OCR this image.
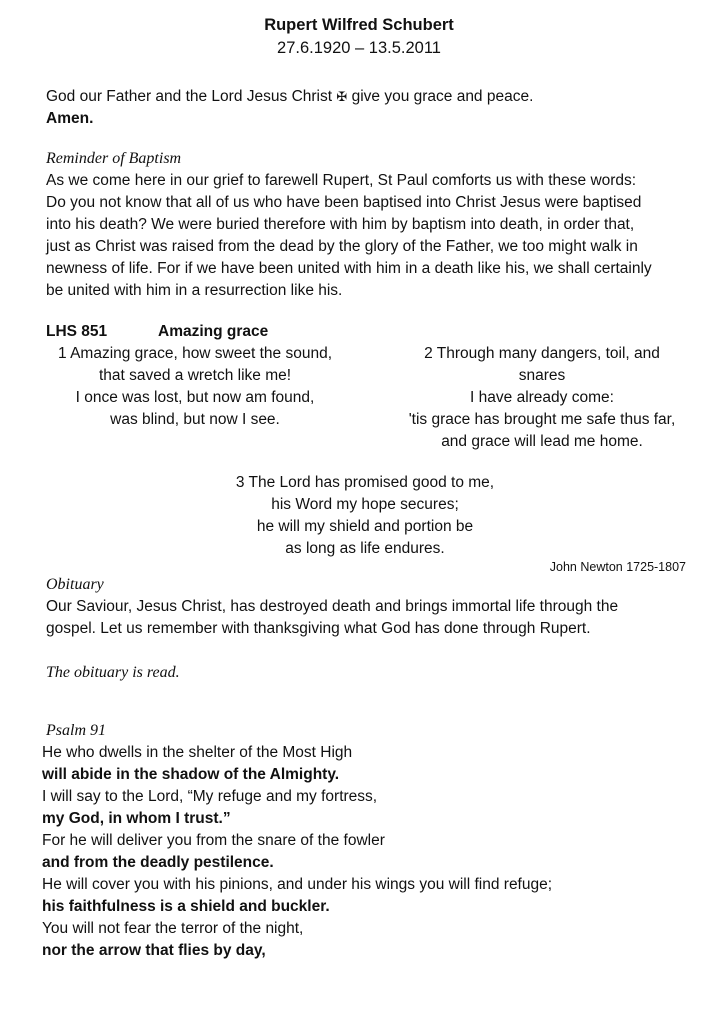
Rupert Wilfred Schubert
27.6.1920 – 13.5.2011
God our Father and the Lord Jesus Christ ✠ give you grace and peace.
Amen.
Reminder of Baptism
As we come here in our grief to farewell Rupert, St Paul comforts us with these words:
Do you not know that all of us who have been baptised into Christ Jesus were baptised
into his death? We were buried therefore with him by baptism into death, in order that,
just as Christ was raised from the dead by the glory of the Father, we too might walk in
newness of life. For if we have been united with him in a death like his, we shall certainly
be united with him in a resurrection like his.
LHS 851	Amazing grace
1 Amazing grace, how sweet the sound,
that saved a wretch like me!
I once was lost, but now am found,
was blind, but now I see.
2 Through many dangers, toil, and
snares
I have already come:
'tis grace has brought me safe thus far,
and grace will lead me home.
3 The Lord has promised good to me,
his Word my hope secures;
he will my shield and portion be
as long as life endures.
John Newton 1725-1807
Obituary
Our Saviour, Jesus Christ, has destroyed death and brings immortal life through the
gospel. Let us remember with thanksgiving what God has done through Rupert.
The obituary is read.
Psalm 91
He who dwells in the shelter of the Most High
will abide in the shadow of the Almighty.
I will say to the Lord, “My refuge and my fortress,
my God, in whom I trust.”
For he will deliver you from the snare of the fowler
and from the deadly pestilence.
He will cover you with his pinions, and under his wings you will find refuge;
his faithfulness is a shield and buckler.
You will not fear the terror of the night,
nor the arrow that flies by day,
